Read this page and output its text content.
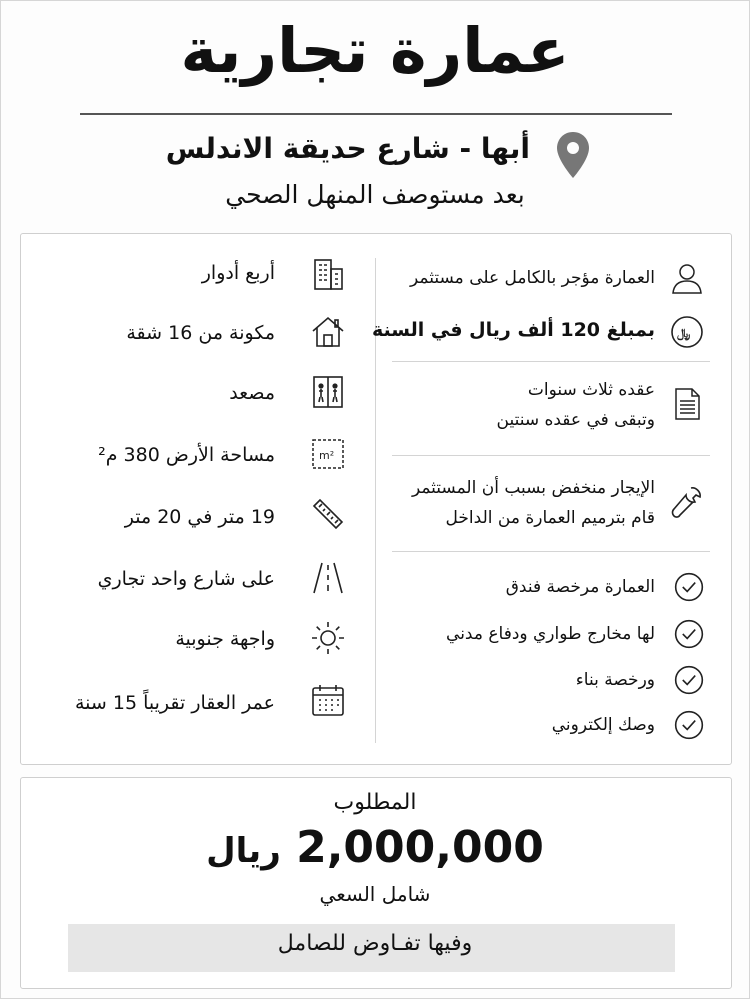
عمارة تجارية
أبها - شارع حديقة الاندلس
بعد مستوصف المنهل الصحي
أربع أدوار
مكونة من 16 شقة
مصعد
مساحة الأرض 380 م²	m²
19 متر في 20 متر
على شارع واحد تجاري
واجهة جنوبية
عمر العقار تقريباً 15 سنة
العمارة مؤجر بالكامل على مستثمر
بمبلغ 120 ألف ريال في السنة ﷼
عقده ثلاث سنوات
وتبقى في عقده سنتين
الإيجار منخفض بسبب أن المستثمر
قام بترميم العمارة من الداخل
العمارة مرخصة فندق
لها مخارج طواري ودفاع مدني
ورخصة بناء
وصك إلكتروني
المطلوب
2,000,000 ريال
شامل السعي
وفيها تفـاوض للصامل
